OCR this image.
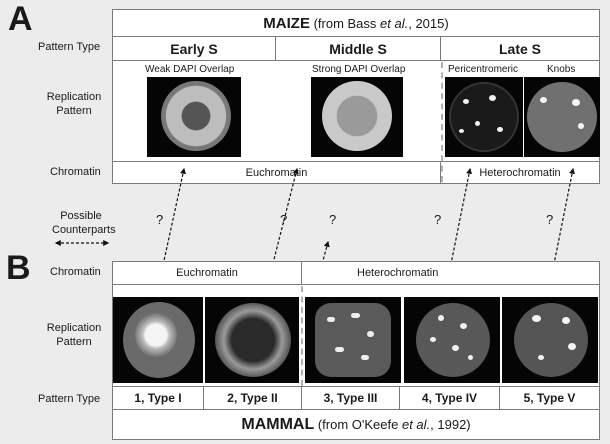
A
B
MAIZE (from Bass et al., 2015)
Early S	Middle S	Late S
Weak DAPI Overlap	Strong DAPI Overlap	Pericentromeric	Knobs
Euchromatin	Heterochromatin
Pattern Type
Replication Pattern
Chromatin
Possible Counterparts
?	?	?	?	?
Euchromatin	Heterochromatin
1, Type I	2, Type II	3, Type III	4, Type IV	5, Type V
MAMMAL (from O'Keefe et al., 1992)
Chromatin
Replication Pattern
Pattern Type
